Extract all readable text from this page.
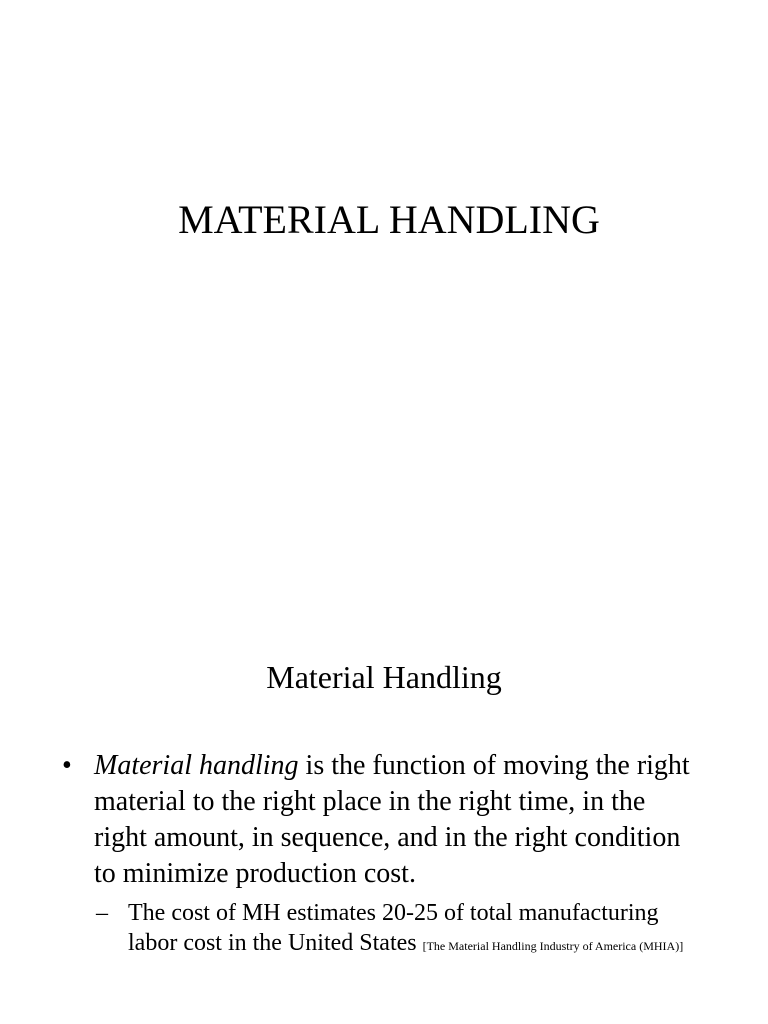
MATERIAL HANDLING
Material Handling
• Material handling is the function of moving the right material to the right place in the right time, in the right amount, in sequence, and in the right condition to minimize production cost.
– The cost of MH estimates 20-25 of total manufacturing labor cost in the United States [The Material Handling Industry of America (MHIA)]
